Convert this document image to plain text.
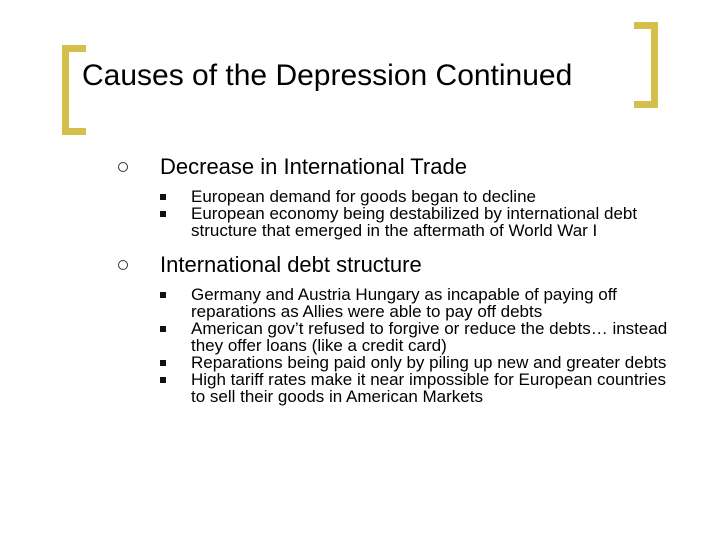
Causes of the Depression Continued
Decrease in International Trade
European demand for goods began to decline
European economy being destabilized by international debt structure that emerged in the aftermath of World War I
International debt structure
Germany and Austria Hungary as incapable of paying off reparations as Allies were able to pay off debts
American gov’t refused to forgive or reduce the debts… instead they offer loans (like a credit card)
Reparations being paid only by piling up new and greater debts
High tariff rates make it near impossible for European countries to sell their goods in American Markets
